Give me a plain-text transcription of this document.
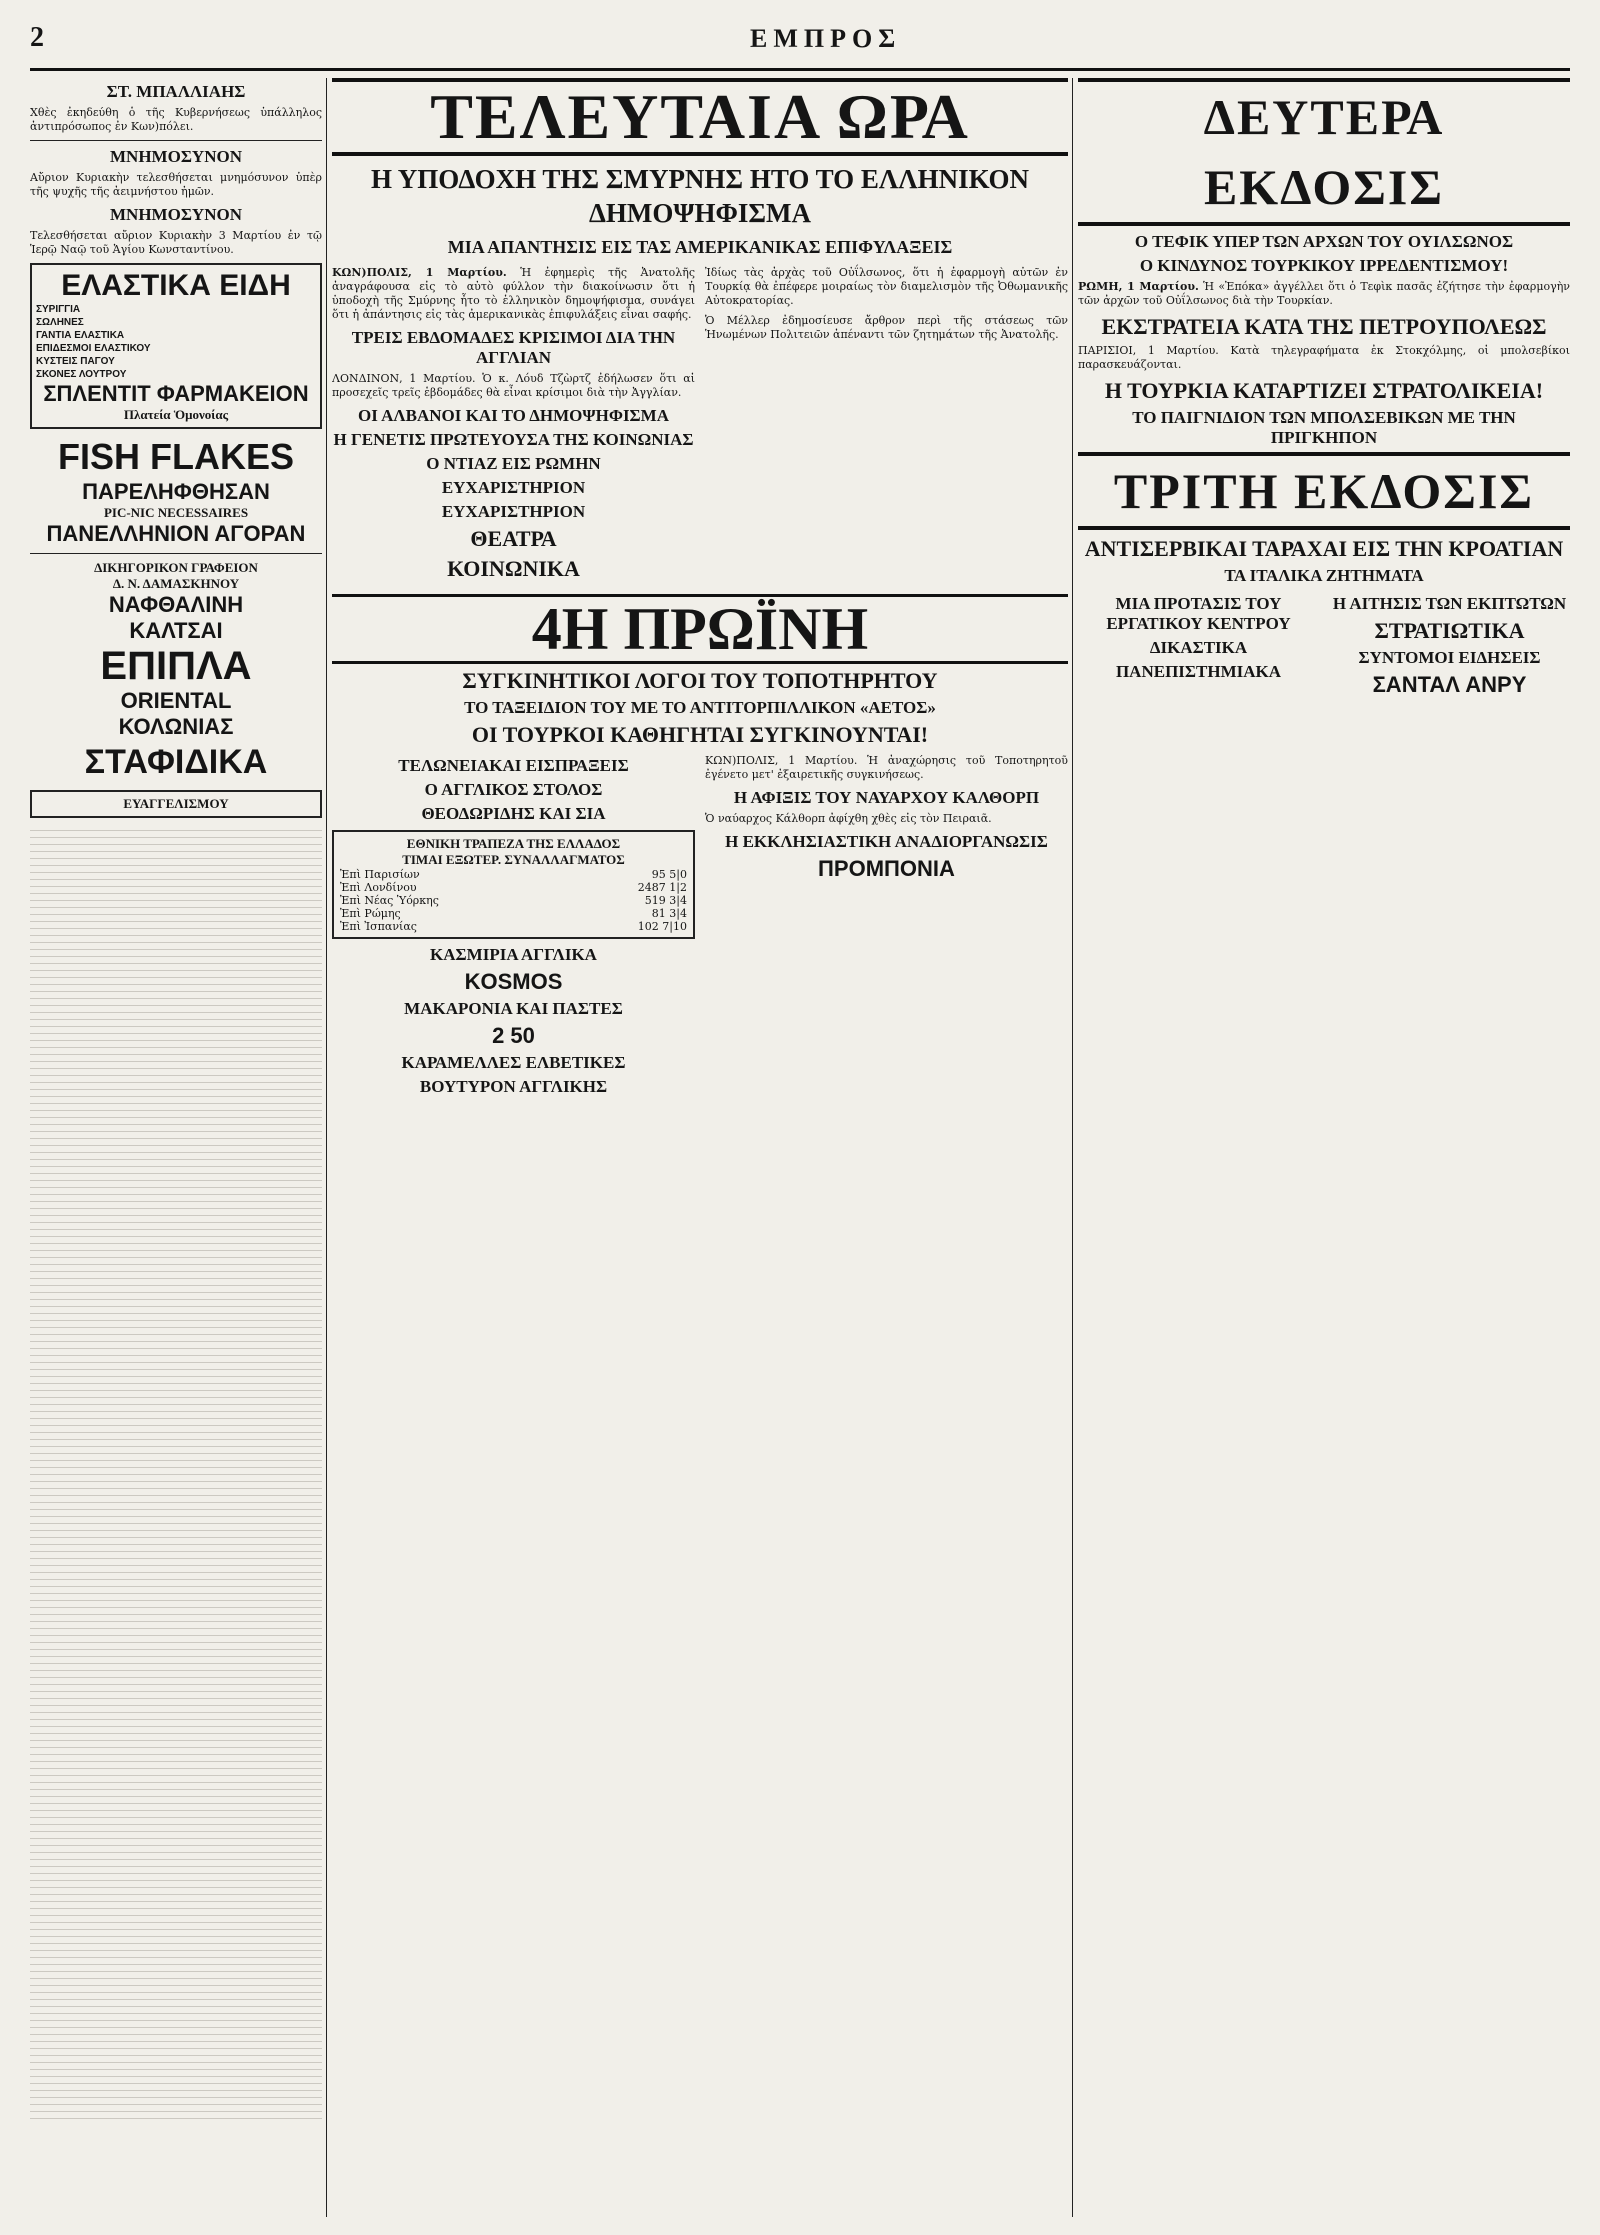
2	ΕΜΠΡΟΣ
ΣΤ. ΜΠΑΛΛΙΑΗΣ

Χθὲς ἐκηδεύθη ὁ τῆς Κυβερνήσεως ὑπάλληλος ἀντιπρόσωπος ἐν Κων)πόλει.

ΜΝΗΜΟΣΥΝΟΝ

Αὔριον Κυριακὴν τελεσθήσεται μνημόσυνον ὑπὲρ τῆς ψυχῆς τῆς ἀειμνήστου ἡμῶν.

ΜΝΗΜΟΣΥΝΟΝ

Τελεσθήσεται αὔριον Κυριακὴν 3 Μαρτίου ἐν τῷ Ἱερῷ Ναῷ τοῦ Ἁγίου Κωνσταντίνου.

ΕΛΑΣΤΙΚΑ ΕΙΔΗ
ΣΥΡΙΓΓΙΑ
ΣΩΛΗΝΕΣ
ΓΑΝΤΙΑ ΕΛΑΣΤΙΚΑ
ΕΠΙΔΕΣΜΟΙ ΕΛΑΣΤΙΚΟΥ
ΚΥΣΤΕΙΣ ΠΑΓΟΥ
ΣΚΟΝΕΣ ΛΟΥΤΡΟΥ
ΣΠΛΕΝΤΙΤ ΦΑΡΜΑΚΕΙΟΝ
Πλατεία Ὁμονοίας
FISH FLAKES
ΠΑΡΕΛΗΦΘΗΣΑΝ
PIC-NIC NECESSAIRES
ΠΑΝΕΛΛΗΝΙΟΝ ΑΓΟΡΑΝ
ΔΙΚΗΓΟΡΙΚΟΝ ΓΡΑΦΕΙΟΝ
Δ. Ν. ΔΑΜΑΣΚΗΝΟΥ
ΝΑΦΘΑΛΙΝΗ
ΚΑΛΤΣΑΙ
ΕΠΙΠΛΑ
ORIENTAL
ΚΟΛΩΝΙΑΣ
ΣΤΑΦΙΔΙΚΑ
ΕΥΑΓΓΕΛΙΣΜΟΥ
ΤΕΛΕΥΤΑΙΑ ΩΡΑ
Η ΥΠΟΔΟΧΗ ΤΗΣ ΣΜΥΡΝΗΣ ΗΤΟ ΤΟ ΕΛΛΗΝΙΚΟΝ ΔΗΜΟΨΗΦΙΣΜΑ
ΜΙΑ ΑΠΑΝΤΗΣΙΣ ΕΙΣ ΤΑΣ ΑΜΕΡΙΚΑΝΙΚΑΣ ΕΠΙΦΥΛΑΞΕΙΣ

ΚΩΝ)ΠΟΛΙΣ, 1 Μαρτίου. Ἡ ἐφημερὶς τῆς Ἀνατολῆς ἀναγράφουσα εἰς τὸ αὐτὸ φύλλον τὴν διακοίνωσιν ὅτι ἡ ὑποδοχὴ τῆς Σμύρνης ἦτο τὸ ἑλληνικὸν δημοψήφισμα, συνάγει ὅτι ἡ ἀπάντησις εἰς τὰς ἀμερικανικὰς ἐπιφυλάξεις εἶναι σαφής.

ΤΡΕΙΣ ΕΒΔΟΜΑΔΕΣ ΚΡΙΣΙΜΟΙ ΔΙΑ ΤΗΝ ΑΓΓΛΙΑΝ

ΛΟΝΔΙΝΟΝ, 1 Μαρτίου. Ὁ κ. Λόυδ Τζὼρτζ ἐδήλωσεν ὅτι αἱ προσεχεῖς τρεῖς ἑβδομάδες θὰ εἶναι κρίσιμοι διὰ τὴν Ἀγγλίαν.

ΟΙ ΑΛΒΑΝΟΙ ΚΑΙ ΤΟ ΔΗΜΟΨΗΦΙΣΜΑ
Η ΓΕΝΕΤΙΣ ΠΡΩΤΕΥΟΥΣΑ ΤΗΣ ΚΟΙΝΩΝΙΑΣ
Ο ΝΤΙΑΖ ΕΙΣ ΡΩΜΗΝ
ΕΥΧΑΡΙΣΤΗΡΙΟΝ
ΕΥΧΑΡΙΣΤΗΡΙΟΝ
ΘΕΑΤΡΑ
ΚΟΙΝΩΝΙΚΑ

Ἰδίως τὰς ἀρχὰς τοῦ Οὐΐλσωνος, ὅτι ἡ ἐφαρμογὴ αὐτῶν ἐν Τουρκίᾳ θὰ ἐπέφερε μοιραίως τὸν διαμελισμὸν τῆς Ὀθωμανικῆς Αὐτοκρατορίας.

Ὁ Μέλλερ ἐδημοσίευσε ἄρθρον περὶ τῆς στάσεως τῶν Ἡνωμένων Πολιτειῶν ἀπέναντι τῶν ζητημάτων τῆς Ἀνατολῆς.

4Η ΠΡΩΪΝΗ
ΣΥΓΚΙΝΗΤΙΚΟΙ ΛΟΓΟΙ ΤΟΥ ΤΟΠΟΤΗΡΗΤΟΥ
ΤΟ ΤΑΞΕΙΔΙΟΝ ΤΟΥ ΜΕ ΤΟ ΑΝΤΙΤΟΡΠΙΛΛΙΚΟΝ «ΑΕΤΟΣ»
ΟΙ ΤΟΥΡΚΟΙ ΚΑΘΗΓΗΤΑΙ ΣΥΓΚΙΝΟΥΝΤΑΙ!
ΤΕΛΩΝΕΙΑΚΑΙ ΕΙΣΠΡΑΞΕΙΣ
Ο ΑΓΓΛΙΚΟΣ ΣΤΟΛΟΣ
ΘΕΟΔΩΡΙΔΗΣ ΚΑΙ ΣΙΑ
ΕΘΝΙΚΗ ΤΡΑΠΕΖΑ ΤΗΣ ΕΛΛΑΔΟΣ
ΤΙΜΑΙ ΕΞΩΤΕΡ. ΣΥΝΑΛΛΑΓΜΑΤΟΣ
Ἐπὶ Παρισίων	95 5|0
Ἐπὶ Λονδίνου	2487 1|2
Ἐπὶ Νέας Ὑόρκης	519 3|4
Ἐπὶ Ρώμης	81 3|4
Ἐπὶ Ἰσπανίας	102 7|10
ΚΑΣΜΙΡΙΑ ΑΓΓΛΙΚΑ
KOSMOS
ΜΑΚΑΡΟΝΙΑ ΚΑΙ ΠΑΣΤΕΣ
2 50
ΚΑΡΑΜΕΛΛΕΣ ΕΛΒΕΤΙΚΕΣ
ΒΟΥΤΥΡΟΝ ΑΓΓΛΙΚΗΣ

ΚΩΝ)ΠΟΛΙΣ, 1 Μαρτίου. Ἡ ἀναχώρησις τοῦ Τοποτηρητοῦ ἐγένετο μετ' ἐξαιρετικῆς συγκινήσεως.

Η ΑΦΙΞΙΣ ΤΟΥ ΝΑΥΑΡΧΟΥ ΚΑΛΘΟΡΠ

Ὁ ναύαρχος Κάλθορπ ἀφίχθη χθὲς εἰς τὸν Πειραιᾶ.

Η ΕΚΚΛΗΣΙΑΣΤΙΚΗ ΑΝΑΔΙΟΡΓΑΝΩΣΙΣ
ΠΡΟΜΠΟΝΙΑ
ΔΕΥΤΕΡΑ ΕΚΔΟΣΙΣ
Ο ΤΕΦΙΚ ΥΠΕΡ ΤΩΝ ΑΡΧΩΝ ΤΟΥ ΟΥΙΛΣΩΝΟΣ
Ο ΚΙΝΔΥΝΟΣ ΤΟΥΡΚΙΚΟΥ ΙΡΡΕΔΕΝΤΙΣΜΟΥ!

ΡΩΜΗ, 1 Μαρτίου. Ἡ «Ἐπόκα» ἀγγέλλει ὅτι ὁ Τεφὶκ πασᾶς ἐζήτησε τὴν ἐφαρμογὴν τῶν ἀρχῶν τοῦ Οὐΐλσωνος διὰ τὴν Τουρκίαν.

ΕΚΣΤΡΑΤΕΙΑ ΚΑΤΑ ΤΗΣ ΠΕΤΡΟΥΠΟΛΕΩΣ

ΠΑΡΙΣΙΟΙ, 1 Μαρτίου. Κατὰ τηλεγραφήματα ἐκ Στοκχόλμης, οἱ μπολσεβίκοι παρασκευάζονται.

Η ΤΟΥΡΚΙΑ ΚΑΤΑΡΤΙΖΕΙ ΣΤΡΑΤΟΛΙΚΕΙΑ!
ΤΟ ΠΑΙΓΝΙΔΙΟΝ ΤΩΝ ΜΠΟΛΣΕΒΙΚΩΝ ΜΕ ΤΗΝ ΠΡΙΓΚΗΠΟΝ
ΤΡΙΤΗ ΕΚΔΟΣΙΣ
ΑΝΤΙΣΕΡΒΙΚΑΙ ΤΑΡΑΧΑΙ ΕΙΣ ΤΗΝ ΚΡΟΑΤΙΑΝ
ΤΑ ΙΤΑΛΙΚΑ ΖΗΤΗΜΑΤΑ
ΜΙΑ ΠΡΟΤΑΣΙΣ ΤΟΥ ΕΡΓΑΤΙΚΟΥ ΚΕΝΤΡΟΥ
ΔΙΚΑΣΤΙΚΑ
ΠΑΝΕΠΙΣΤΗΜΙΑΚΑ
Η ΑΙΤΗΣΙΣ ΤΩΝ ΕΚΠΤΩΤΩΝ
ΣΤΡΑΤΙΩΤΙΚΑ
ΣΥΝΤΟΜΟΙ ΕΙΔΗΣΕΙΣ
ΣΑΝΤΑΛ ΑΝΡΥ
